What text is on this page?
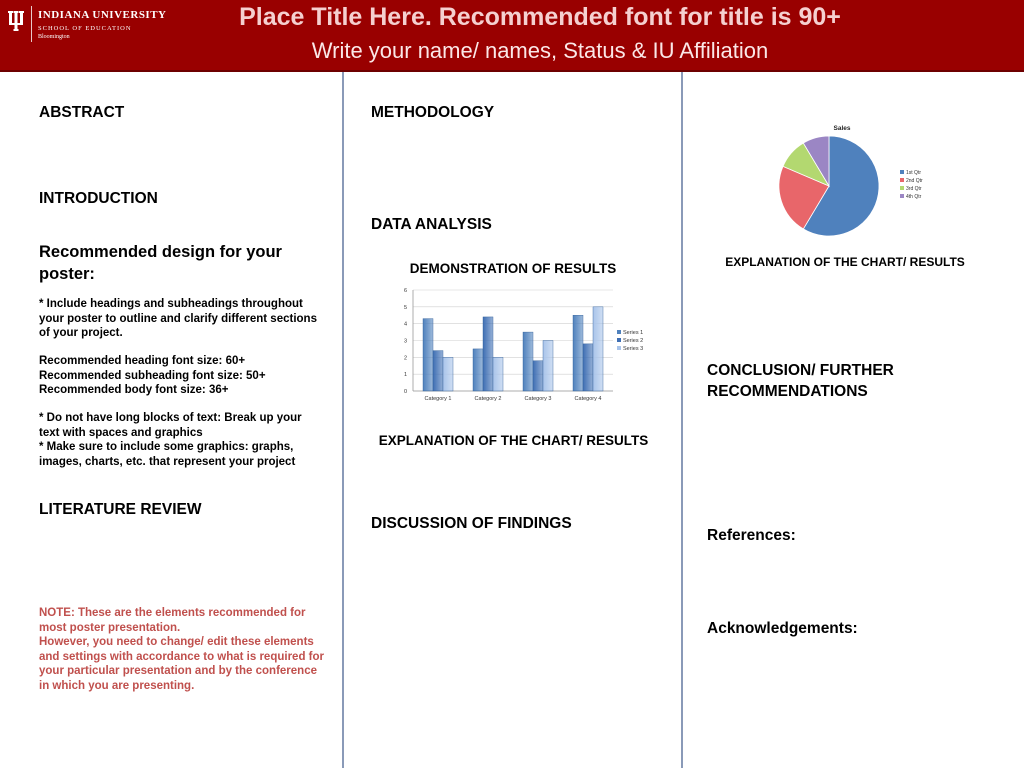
INDIANA UNIVERSITY
SCHOOL OF EDUCATION
Bloomington
Place Title Here. Recommended font for title is 90+
Write your name/ names, Status & IU Affiliation
ABSTRACT
INTRODUCTION
Recommended design for your poster:
* Include headings and subheadings throughout your poster to outline and clarify different sections of your project.
Recommended heading font size: 60+
Recommended subheading font size: 50+
Recommended body font size: 36+
* Do not have long blocks of text: Break up your text with spaces and graphics
* Make sure to include some graphics: graphs, images, charts, etc. that represent your project
LITERATURE REVIEW
NOTE: These are the elements recommended for most poster presentation.
However, you need to change/ edit these elements and settings with accordance to what is required for your particular presentation and by the conference in which you are presenting.
METHODOLOGY
DATA ANALYSIS
DEMONSTRATION OF RESULTS
0
1
2
3
4
5
6
Category 1	Category 2	Category 3	Category 4
Series 1
Series 2
Series 3
EXPLANATION OF THE CHART/ RESULTS
DISCUSSION OF FINDINGS
Sales
1st Qtr
2nd Qtr
3rd Qtr
4th Qtr
EXPLANATION OF THE CHART/ RESULTS
CONCLUSION/ FURTHER RECOMMENDATIONS
References:
Acknowledgements:
